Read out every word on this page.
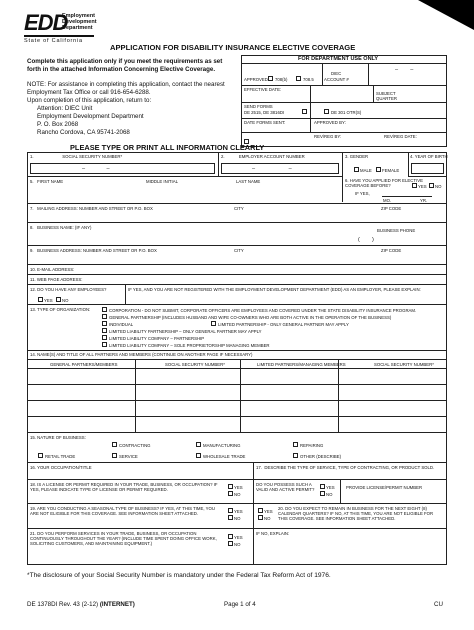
EDD
Employment
Development
Department
State of California
APPLICATION FOR DISABILITY INSURANCE ELECTIVE COVERAGE
Complete this application only if you meet the requirements as set forth in the attached Information Concerning Elective Coverage.
NOTE: For assistance in completing this application, contact the nearest Employment Tax Office or call 916-654-6288.
Upon completion of this application, return to:
Attention: DIEC Unit
Employment Development Department
P. O. Box 2068
Rancho Cordova, CA 95741-2068
FOR DEPARTMENT USE ONLY
APPROVED 708(b)	708.5
DIEC
ACCOUNT #
–        –
EFFECTIVE DATE:
SUBJECT QUARTER
SEND FORMS
DE 2515, DE 3816DI	DE 301 OTR(S)
DATE FORMS SENT:	APPROVED BY:
REV/REG BY:	REV/REG DATE:
PLEASE TYPE OR PRINT ALL INFORMATION CLEARLY
1.                        SOCIAL SECURITY NUMBER*	2.            EMPLOYER ACCOUNT NUMBER	3. GENDER	4. YEAR OF BIRTH
–              –	–                      –	MALE FEMALE
5.   FIRST NAME	MIDDLE INITIAL	LAST NAME	6. HAVE YOU APPLIED FOR ELECTIVE COVERAGE BEFORE?	YES NO
IF YES,
MO.	YR.
7.   MAILING ADDRESS: NUMBER AND STREET OR P.O. BOX	CITY	ZIP CODE
8.   BUSINESS NAME: (IF ANY)
BUSINESS PHONE
(        )
9.   BUSINESS ADDRESS: NUMBER AND STREET OR P.O. BOX	CITY	ZIP CODE
10. E-MAIL ADDRESS:
11. WEB PAGE ADDRESS:
12. DO YOU HAVE ANY EMPLOYEES?
YES NO
IF YES, AND YOU ARE NOT REGISTERED WITH THE EMPLOYMENT DEVELOPMENT DEPARTMENT (EDD) AS AN EMPLOYER, PLEASE EXPLAIN:
13. TYPE OF ORGANIZATION:	CORPORATION - DO NOT SUBMIT, CORPORATE OFFICERS ARE EMPLOYEES AND COVERED UNDER THE STATE DISABILITY INSURANCE PROGRAM.
GENERAL PARTNERSHIP (INCLUDES HUSBAND AND WIFE CO-OWNERS WHO ARE BOTH ACTIVE IN THE OPERATION OF THE BUSINESS)
INDIVIDUAL	LIMITED PARTNERSHIP - ONLY GENERAL PARTNER MAY APPLY
LIMITED LIABILITY PARTNERSHIP – ONLY GENERAL PARTNER MAY APPLY
LIMITED LIABILITY COMPANY – PARTNERSHIP
LIMITED LIABILITY COMPANY – SOLE PROPRIETORSHIP MANAGING MEMBER
14. NAME(S) AND TITLE OF ALL PARTNERS AND MEMBERS (CONTINUE ON ANOTHER PAGE IF NECESSARY)
GENERAL PARTNERS/MEMBERS	SOCIAL SECURITY NUMBER*	LIMITED PARTNERS/MANAGING MEMBERS	SOCIAL SECURITY NUMBER*
15. NATURE OF BUSINESS:
CONTRACTING	MANUFACTURING	REPAIRING
RETAIL TRADE	SERVICE	WHOLESALE TRADE	OTHER (DESCRIBE)
16. YOUR OCCUPATION/TITLE	17.  DESCRIBE THE TYPE OF SERVICE, TYPE OF CONTRACTING, OR PRODUCT SOLD.
18. IS A LICENSE OR PERMIT REQUIRED IN YOUR TRADE, BUSINESS, OR OCCUPATION? IF YES, PLEASE INDICATE TYPE OF LICENSE OR PERMIT REQUIRED.	YES
NO
DO YOU POSSESS SUCH A VALID AND ACTIVE PERMIT?	YES
NO
PROVIDE LICENSE/PERMIT NUMBER
19. ARE YOU CONDUCTING A SEASONAL TYPE OF BUSINESS? IF YES, AT THIS TIME, YOU ARE NOT ELIGIBLE FOR THIS COVERAGE. SEE INFORMATION SHEET ATTACHED.	YES
NO
YES
NO
20. DO YOU EXPECT TO REMAIN IN BUSINESS FOR THE NEXT EIGHT (8) CALENDAR QUARTERS? IF NO, AT THIS TIME, YOU ARE NOT ELIGIBLE FOR THIS COVERAGE. SEE INFORMATION SHEET ATTACHED.
21. DO YOU PERFORM SERVICES IN YOUR TRADE, BUSINESS, OR OCCUPATION CONTINUOUSLY THROUGHOUT THE YEAR? (INCLUDE TIME SPENT DOING OFFICE WORK, SOLICITING CUSTOMERS, AND MAINTAINING EQUIPMENT.)
YES
NO
IF NO, EXPLAIN:
*The disclosure of your Social Security Number is mandatory under the Federal Tax Reform Act of 1976.
DE 1378DI Rev. 43 (2-12) (INTERNET)	Page 1 of 4	CU
